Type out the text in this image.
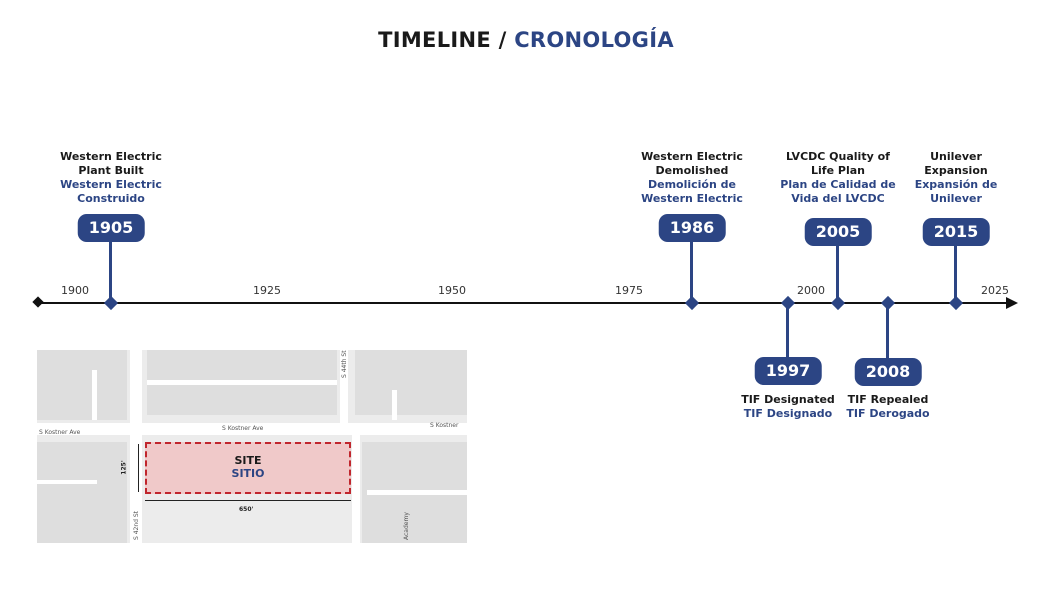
TIMELINE / CRONOLOGÍA
1900	1925	1950	1975	2000	2025
Western Electric
Plant Built
Western Electric
Construido
1905
Western Electric
Demolished
Demolición de
Western Electric
1986
1997
TIF Designated
TIF Designado
LVCDC Quality of
Life Plan
Plan de Calidad de
Vida del LVCDC
2005
2008
TIF Repealed
TIF Derogado
Unilever
Expansion
Expansión de
Unilever
2015
S Kostner Ave
S Kostner Ave	S Kostner
S 44th St
S 42nd St	Academy
SITE
SITIO
125'
650'
